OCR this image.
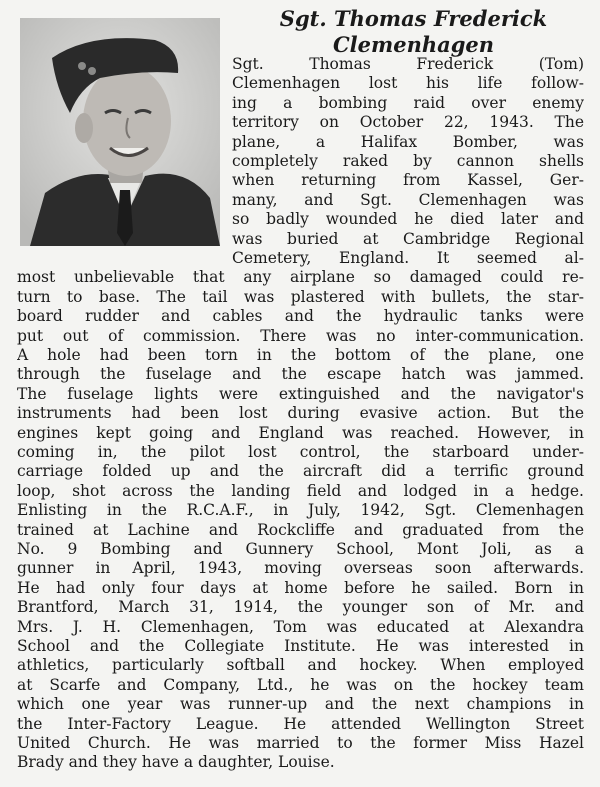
Sgt. Thomas Frederick
Clemenhagen
Sgt. Thomas Frederick (Tom)
Clemenhagen lost his life follow-
ing a bombing raid over enemy
territory on October 22, 1943. The
plane, a Halifax Bomber, was
completely raked by cannon shells
when returning from Kassel, Ger-
many, and Sgt. Clemenhagen was
so badly wounded he died later and
was buried at Cambridge Regional
Cemetery, England. It seemed al-
most unbelievable that any airplane so damaged could re-
turn to base. The tail was plastered with bullets, the star-
board rudder and cables and the hydraulic tanks were
put out of commission. There was no inter-communication.
A hole had been torn in the bottom of the plane, one
through the fuselage and the escape hatch was jammed.
The fuselage lights were extinguished and the navigator's
instruments had been lost during evasive action. But the
engines kept going and England was reached. However, in
coming in, the pilot lost control, the starboard under-
carriage folded up and the aircraft did a terrific ground
loop, shot across the landing field and lodged in a hedge.
Enlisting in the R.C.A.F., in July, 1942, Sgt. Clemenhagen
trained at Lachine and Rockcliffe and graduated from the
No. 9 Bombing and Gunnery School, Mont Joli, as a
gunner in April, 1943, moving overseas soon afterwards.
He had only four days at home before he sailed. Born in
Brantford, March 31, 1914, the younger son of Mr. and
Mrs. J. H. Clemenhagen, Tom was educated at Alexandra
School and the Collegiate Institute. He was interested in
athletics, particularly softball and hockey. When employed
at Scarfe and Company, Ltd., he was on the hockey team
which one year was runner-up and the next champions in
the Inter-Factory League. He attended Wellington Street
United Church. He was married to the former Miss Hazel
Brady and they have a daughter, Louise.
